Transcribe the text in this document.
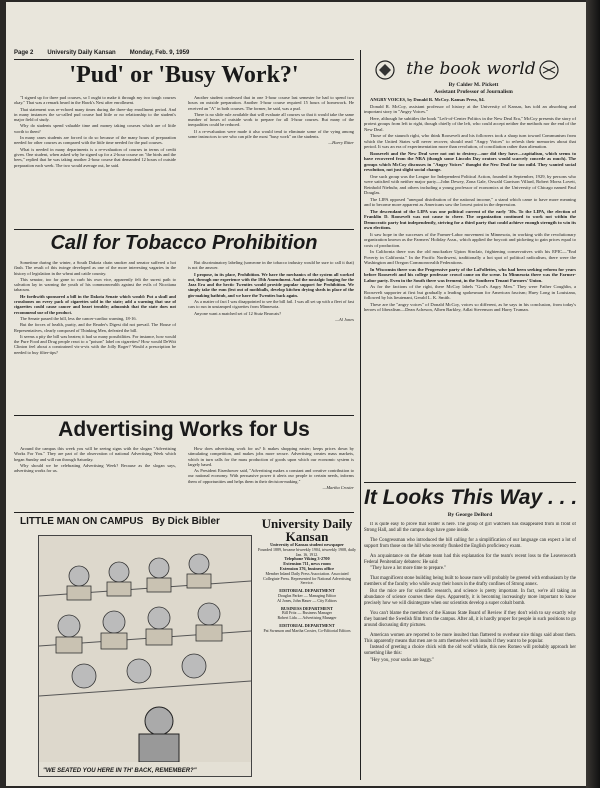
Page 2 University Daily Kansan Monday, Feb. 9, 1959
'Pud' or 'Busy Work?'

"I signed up for three pud courses, so I ought to make it through my two tough courses okay." That was a remark heard in the Hawk's Nest after enrollment.

That statement was re-echoed many times during the three-day enrollment period. And in many instances the so-called pud course had little or no relationship to the student's major field of study.

Why do students spend valuable time and money taking courses which are of little worth to them?

In many cases students are forced to do so because of the many hours of preparation needed for other courses as compared with the little time needed for the pud courses.

What is needed in many departments is a re-evaluation of courses in terms of credit given. One student, when asked why he signed up for a 2-hour course on "the birds and the bees," replied that he was taking another 2-hour course that demanded 12 hours of outside preparation each week. The two would average out, he said.

Another student confessed that in one 3-hour course last semester he had to spend two hours on outside preparation. Another 3-hour course required 15 hours of homework. He received an "A" in both courses. The former, he said, was a pud.

There is no slide rule available that will evaluate all courses so that it would take the same number of hours of outside work to prepare for all 3-hour courses. But many of the inequalities could be reduced.

If a re-evaluation were made it also would tend to eliminate some of the vying among some instructors to see who can pile the most "busy work" on the students.

—Harry Ritter
Call for Tobacco Prohibition

Sometime during the winter, a South Dakota chain smoker and senator suffered a hot flash. The result of this twinge developed as one of the more interesting vagaries in the history of legislation in the wheat and cattle country.

This senator, too far gone to curb his own vice, apparently felt the surest path to salvation lay in warning the youth of his commonwealth against the evils of Nicotiana tabacum.

He forthwith sponsored a bill in the Dakota Senate which would: Put a skull and crossbones on every pack of cigarettes sold in the state; add a warning that use of cigarettes could cause cancer and heart trouble; admonish that the state does not recommend use of the product.

The Senate passed the bill, less the cancer-cardiac warning, 18-16.

But the forces of health, purity, and the Reader's Digest did not prevail. The House of Representatives, clearly composed of Thinking Men, defeated the bill.

It seems a pity the bill was beaten; it had so many possibilities. For instance, how would the Pure Food and Drug people react to a "poison" label on cigarettes? How would DeWitt Clinton feel about a constrained vis-a-vis with the Jolly Roger? Would a prescription be needed to buy filter-tips?

But discriminatory labeling (someone in the tobacco industry would be sure to call it that) is not the answer.

I propose, in its place, Prohibition. We have the mechanics of the system all worked out, through our experience with the 18th Amendment. And the nostalgic longing for the Jazz Era and the hectic Twenties would provide popular support for Prohibition. We simply take the rum (lest out of mothballs, develop kitchen drying sheds in place of the gin-making bathtub, and we have the Twenties back again.

As a matter of fact I was disappointed to see the bill fail. I was all set up with a fleet of fast cars to run in unstamped cigarettes from Minnesota.

Anyone want a matched set of 12 Stutz Bearcats?

—Al Jones
Advertising Works for Us

Around the campus this week you will be seeing signs with the slogan "Advertising Works For You." They are part of the observation of national Advertising Week which began Sunday and will run through Saturday.

Why should we be celebrating Advertising Week? Because as the slogan says, advertising works for us.

How does advertising work for us? It makes shopping easier; keeps prices down by stimulating competition, and makes jobs more secure. Advertising creates mass markets, which in turn calls for the mass production of goods upon which our economic system is largely based.

As President Eisenhower said, "Advertising makes a constant and creative contribution to our national economy. With persuasive power it alerts our people to certain needs, informs them of opportunities and helps them in their decision-making."

—Martha Crosier
LITTLE MAN ON CAMPUS By Dick Bibler
"WE SEATED YOU HERE IN TH' BACK, REMEMBER?"
University Daily Kansan
University of Kansas student newspaper
Founded 1889, became biweekly 1904, triweekly 1908, daily Jan. 16, 1912.
Telephone Viking 3-2700
Extension 711, news room
Extension 376, business office
Member Inland Daily Press Association. Associated Collegiate Press. Represented for National Advertising Service.
EDITORIAL DEPARTMENT
Douglas Parker — Managing Editor
Al Jones, John Hauer — City Editors
BUSINESS DEPARTMENT
Bill Fritz — Business Manager
Robert Lida — Advertising Manager
EDITORIAL DEPARTMENT
Pat Swanson and Martha Crosier, Co-Editorial Editors
the book world
By Calder M. Pickett
Assistant Professor of Journalism

ANGRY VOICES, by Donald R. McCoy. Kansas Press, $4.

Donald R. McCoy, assistant professor of history at the University of Kansas, has told an absorbing and important story in "Angry Voices."

Here, although he subtitles the book "Left-of-Center Politics in the New Deal Era," McCoy presents the story of protest groups from left to right, though chiefly of the left, who could accept neither the methods nor the end of the New Deal.

Those of the staunch right, who think Roosevelt and his followers took a sharp turn toward Communism from which the United States will never recover, should read "Angry Voices" to refresh their memories about that period. It was an era of experimentation more than revolution, of conciliation rather than alienation.

Roosevelt and the New Deal were not out to destroy—nor did they have—capitalism, which seems to have recovered from the NRA (though some Lincoln Day orators would scarcely concede as much). The groups which McCoy discusses in "Angry Voices" thought the New Deal far too mild. They wanted social revolution, not just slight social change.

One such group was the League for Independent Political Action, founded in September, 1929, by persons who were satisfied with neither major party—John Dewey, Zona Gale, Oswald Garrison Villard, Robert Morss Lovett, Reinhold Niebuhr, and others including a young professor of economics at the University of Chicago named Paul Douglas.

The LIPA opposed "unequal distribution of the national income," a stand which came to have more meaning and to become more apparent as Americans saw the lowest point in the depression.

The descendant of the LIPA was one political current of the early '30s. To the LIPA, the election of Franklin D. Roosevelt was not cause to cheer. The organization continued to work not within the Democratic party but independently, striving for a third party that could achieve enough strength to win its own elections.

It saw hope in the successes of the Farmer-Labor movement in Minnesota, in working with the revolutionary organization known as the Farmers' Holiday Assn., which applied the boycott and picketing to gain prices equal to costs of production.

In California there was the old muckraker Upton Sinclair, frightening conservatives with his EPIC—"End Poverty in California." In the Pacific Northwest, traditionally a hot spot of political radicalism, there were the Washington and Oregon Commonwealth Federations.

In Wisconsin there was the Progressive party of the LaFollettes, who had been seeking reform for years before Roosevelt and his college professor crowd came on the scene. In Minnesota there was the Farmer-Labor party. Even in the South there was ferment, in the Southern Tenant Farmers' Union.

As for the factions of the right, there McCoy labels "God's Angry Men." They were Father Coughlin, a Roosevelt supporter at first but gradually a leading spokesman for American fascism; Huey Long in Louisiana, followed by his lieutenant, Gerald L. K. Smith.

These are the "angry voices" of Donald McCoy, voices so different, as he says in his conclusion, from today's heroes of liberalism—Dean Acheson, Alben Barkley, Adlai Stevenson and Harry Truman.

It Looks This Way . . .
By George DeBord

It is quite easy to prove that winter is here. The group of girl watchers has disappeared from in front of Strong Hall, and all the campus dogs have gone inside.

The Congressman who introduced the bill calling for a simplification of our language can expect a lot of support from those on the hill who recently flunked the English proficiency exam.

An acquaintance on the debate team had this explanation for the team's recent loss to the Leavenworth Federal Penitentiary debaters: He said:

"They have a lot more time to prepare."

That magnificent stone building being built to house more will probably be greeted with enthusiasm by the members of the faculty who while away their hours in the drafty confines of Strong annex.

But the mice are for scientific research, and science is pretty important. In fact, we're all taking an abundance of science courses these days. Apparently, it is becoming increasingly more important to know precisely how we will disintegrate when our scientists develop a super cobalt bomb.

You can't blame the members of the Kansas State Board of Review if they don't wish to say exactly why they banned the Swedish film from the campus. After all, it is hardly proper for people in such positions to go around discussing dirty pictures.

American women are reported to be more insulted than flattered to overhear nice things said about them. This apparently means that men are to arm themselves with insults if they want to be popular.

Instead of greeting a choice chick with the old wolf whistle, this new Romeo will probably approach her something like this:

"Hey you, your socks are baggy."
